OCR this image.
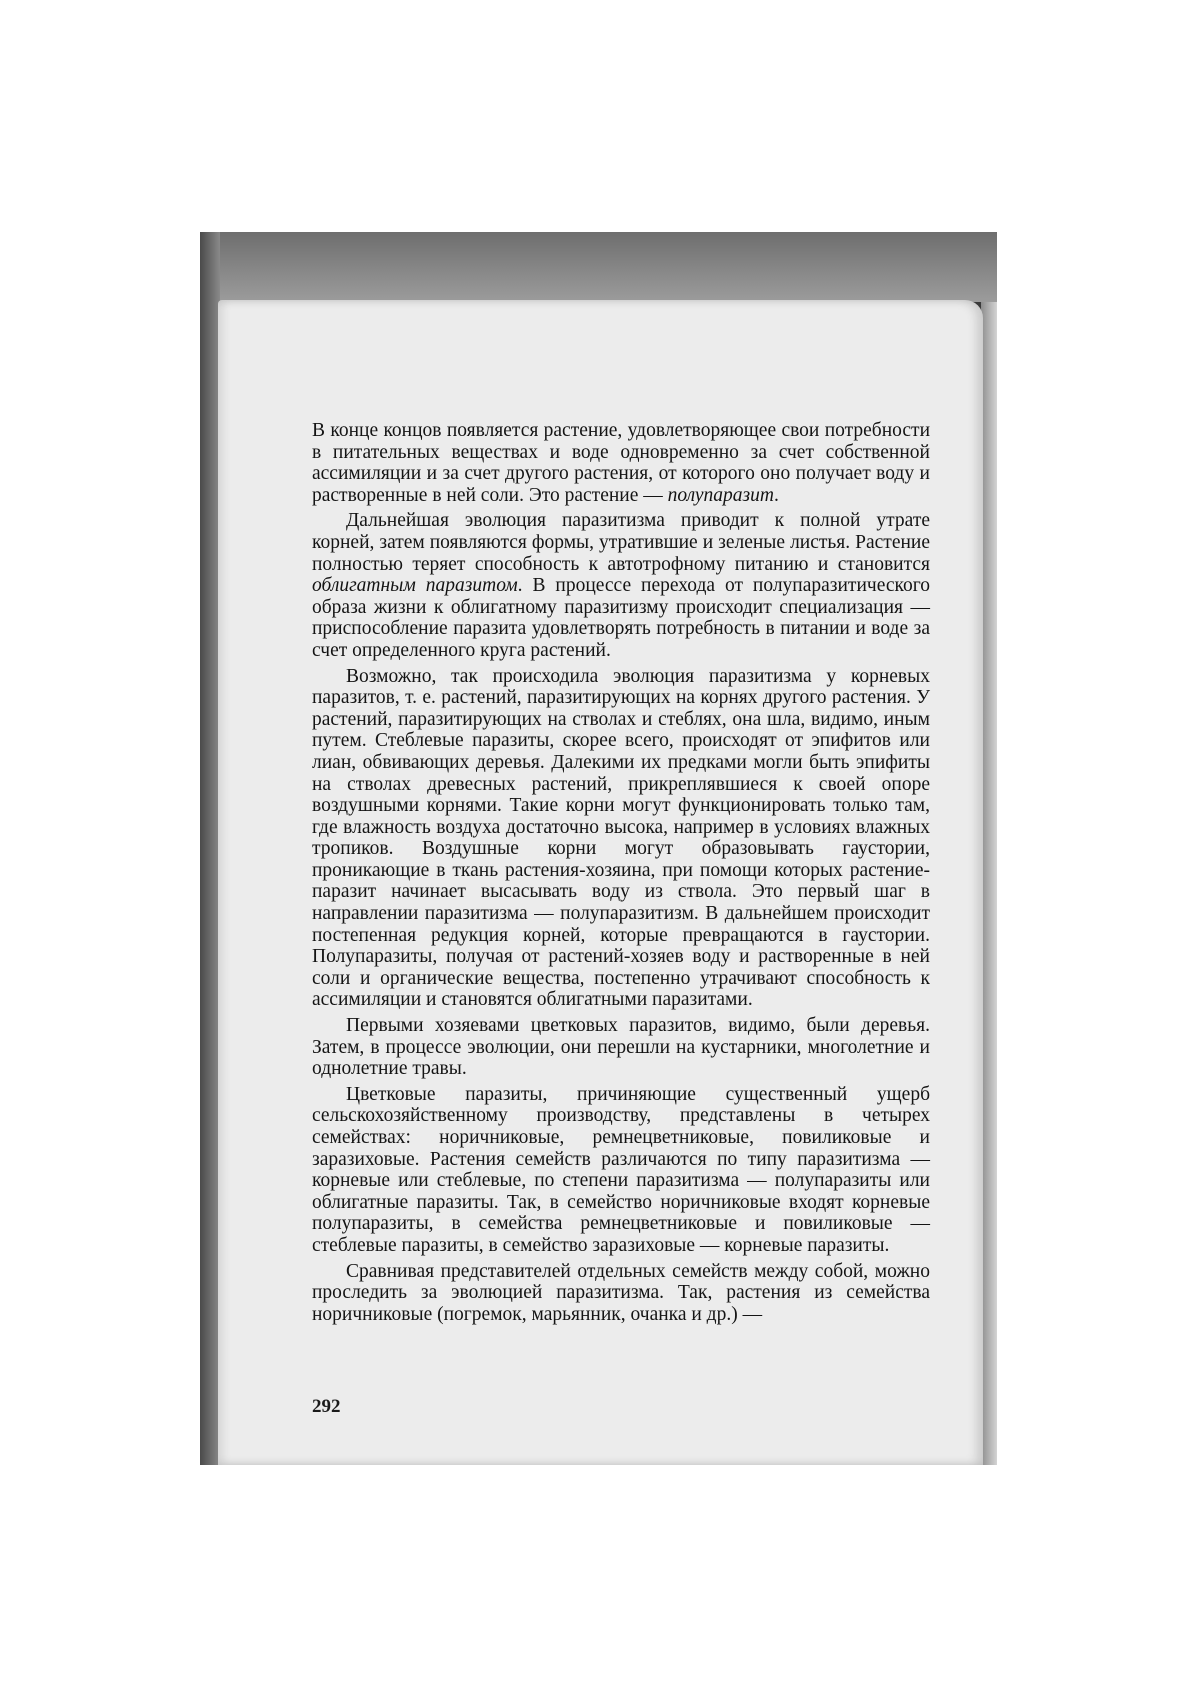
В конце концов появляется растение, удовлетворяющее свои потребности в питательных веществах и воде одновременно за счет собственной ассимиляции и за счет другого растения, от которого оно получает воду и растворенные в ней соли. Это растение — полупаразит.

Дальнейшая эволюция паразитизма приводит к полной утрате корней, затем появляются формы, утратившие и зеленые листья. Растение полностью теряет способность к автотрофному питанию и становится облигатным паразитом. В процессе перехода от полупаразитического образа жизни к облигатному паразитизму происходит специализация — приспособление паразита удовлетворять потребность в питании и воде за счет определенного круга растений.

Возможно, так происходила эволюция паразитизма у корневых паразитов, т. е. растений, паразитирующих на корнях другого растения. У растений, паразитирующих на стволах и стеблях, она шла, видимо, иным путем. Стеблевые паразиты, скорее всего, происходят от эпифитов или лиан, обвивающих деревья. Далекими их предками могли быть эпифиты на стволах древесных растений, прикреплявшиеся к своей опоре воздушными корнями. Такие корни могут функционировать только там, где влажность воздуха достаточно высока, например в условиях влажных тропиков. Воздушные корни могут образовывать гаустории, проникающие в ткань растения-хозяина, при помощи которых растение-паразит начинает высасывать воду из ствола. Это первый шаг в направлении паразитизма — полупаразитизм. В дальнейшем происходит постепенная редукция корней, которые превращаются в гаустории. Полупаразиты, получая от растений-хозяев воду и растворенные в ней соли и органические вещества, постепенно утрачивают способность к ассимиляции и становятся облигатными паразитами.

Первыми хозяевами цветковых паразитов, видимо, были деревья. Затем, в процессе эволюции, они перешли на кустарники, многолетние и однолетние травы.

Цветковые паразиты, причиняющие существенный ущерб сельскохозяйственному производству, представлены в четырех семействах: норичниковые, ремнецветниковые, повиликовые и заразиховые. Растения семейств различаются по типу паразитизма — корневые или стеблевые, по степени паразитизма — полупаразиты или облигатные паразиты. Так, в семейство норичниковые входят корневые полупаразиты, в семейства ремнецветниковые и повиликовые — стеблевые паразиты, в семейство заразиховые — корневые паразиты.

Сравнивая представителей отдельных семейств между собой, можно проследить за эволюцией паразитизма. Так, растения из семейства норичниковые (погремок, марьянник, очанка и др.) —

292
